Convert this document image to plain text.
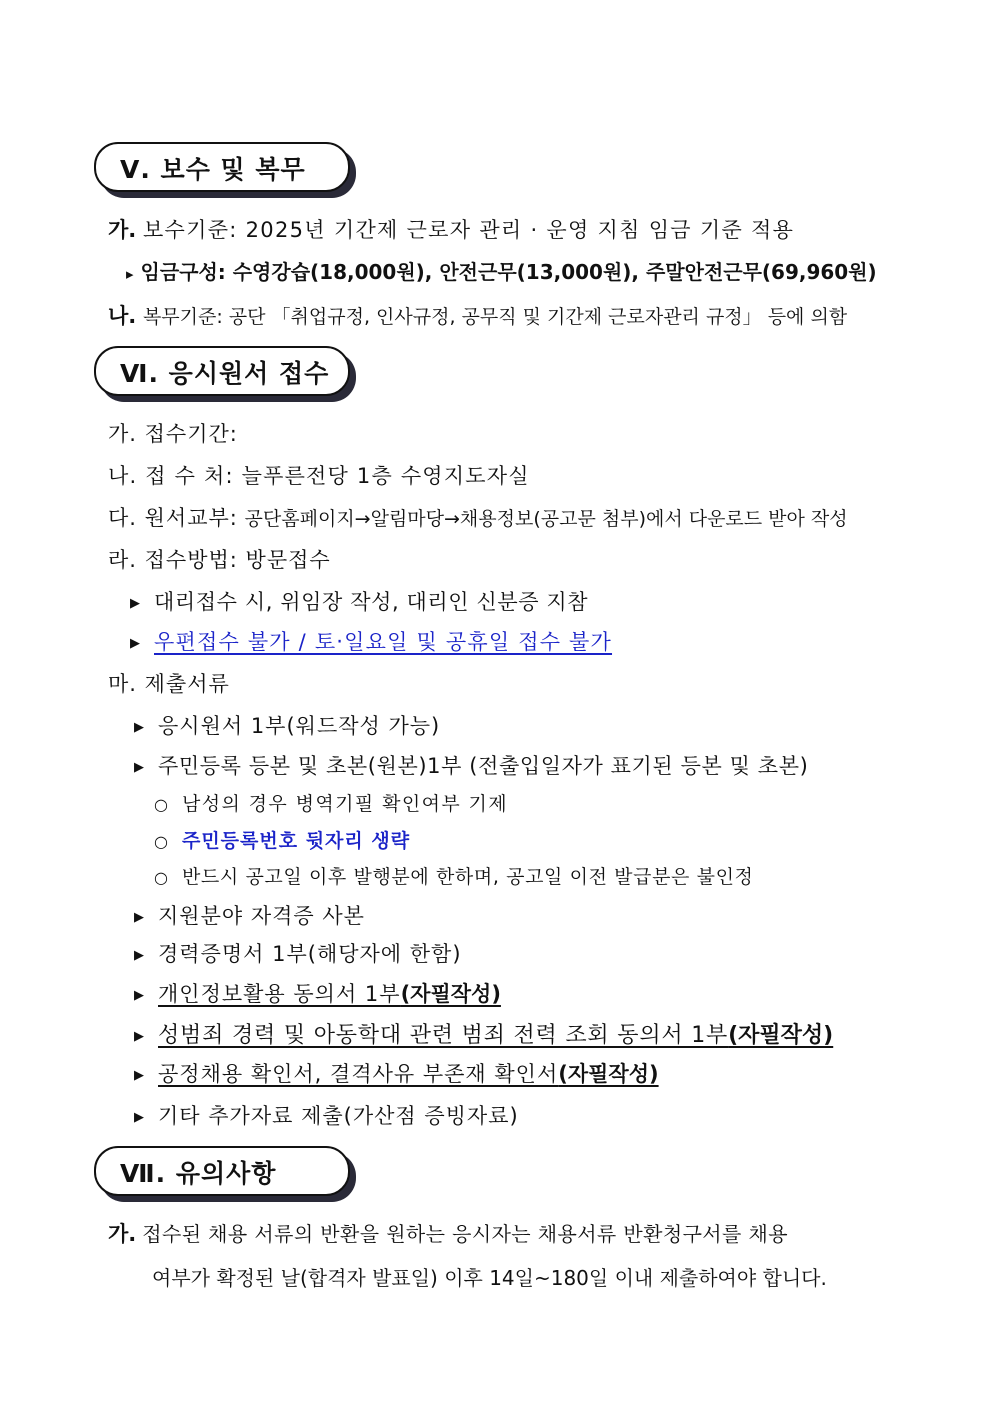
Ⅴ. 보수 및 복무
가. 보수기준: 2025년 기간제 근로자 관리 · 운영 지침 임금 기준 적용
▸ 임금구성: 수영강습(18,000원), 안전근무(13,000원), 주말안전근무(69,960원)
나. 복무기준: 공단 「취업규정, 인사규정, 공무직 및 기간제 근로자관리 규정」 등에 의함
Ⅵ. 응시원서 접수
가. 접수기간:
나. 접 수 처: 늘푸른전당 1층 수영지도자실
다. 원서교부: 공단홈페이지→알림마당→채용정보(공고문 첨부)에서 다운로드 받아 작성
라. 접수방법: 방문접수
▶ 대리접수 시, 위임장 작성, 대리인 신분증 지참
▶ 우편접수 불가 / 토‧일요일 및 공휴일 접수 불가
마. 제출서류
▶ 응시원서 1부(워드작성 가능)
▶ 주민등록 등본 및 초본(원본)1부 (전출입일자가 표기된 등본 및 초본)
○ 남성의 경우 병역기필 확인여부 기제
○ 주민등록번호 뒷자리 생략
○ 반드시 공고일 이후 발행분에 한하며, 공고일 이전 발급분은 불인정
▶ 지원분야 자격증 사본
▶ 경력증명서 1부(해당자에 한함)
▶ 개인정보활용 동의서 1부(자필작성)
▶ 성범죄 경력 및 아동학대 관련 범죄 전력 조회 동의서 1부(자필작성)
▶ 공정채용 확인서, 결격사유 부존재 확인서(자필작성)
▶ 기타 추가자료 제출(가산점 증빙자료)
Ⅶ. 유의사항
가. 접수된 채용 서류의 반환을 원하는 응시자는 채용서류 반환청구서를 채용
여부가 확정된 날(합격자 발표일) 이후 14일~180일 이내 제출하여야 합니다.
